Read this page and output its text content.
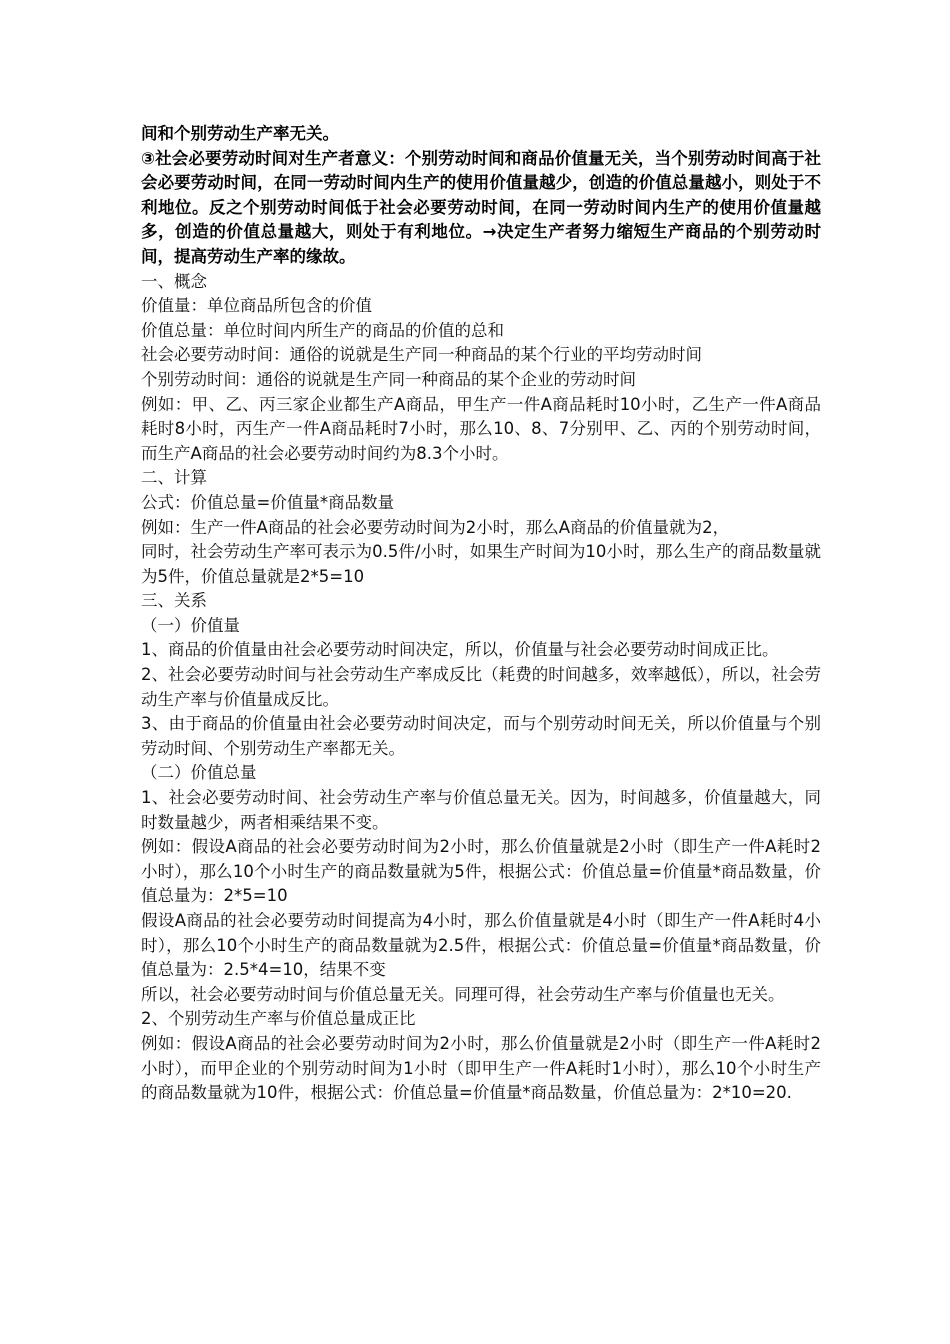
间和个别劳动生产率无关。

③社会必要劳动时间对生产者意义：个别劳动时间和商品价值量无关，当个别劳动时间高于社会必要劳动时间，在同一劳动时间内生产的使用价值量越少，创造的价值总量越小，则处于不利地位。反之个别劳动时间低于社会必要劳动时间，在同一劳动时间内生产的使用价值量越多，创造的价值总量越大，则处于有利地位。→决定生产者努力缩短生产商品的个别劳动时间，提高劳动生产率的缘故。

一、概念

价值量：单位商品所包含的价值

价值总量：单位时间内所生产的商品的价值的总和

社会必要劳动时间：通俗的说就是生产同一种商品的某个行业的平均劳动时间

个别劳动时间：通俗的说就是生产同一种商品的某个企业的劳动时间

例如：甲、乙、丙三家企业都生产A商品，甲生产一件A商品耗时10小时，乙生产一件A商品耗时8小时，丙生产一件A商品耗时7小时，那么10、8、7分别甲、乙、丙的个别劳动时间，而生产A商品的社会必要劳动时间约为8.3个小时。

二、计算

公式：价值总量=价值量*商品数量

例如：生产一件A商品的社会必要劳动时间为2小时，那么A商品的价值量就为2，

同时，社会劳动生产率可表示为0.5件/小时，如果生产时间为10小时，那么生产的商品数量就为5件，价值总量就是2*5=10

三、关系

（一）价值量

1、商品的价值量由社会必要劳动时间决定，所以，价值量与社会必要劳动时间成正比。

2、社会必要劳动时间与社会劳动生产率成反比（耗费的时间越多，效率越低），所以，社会劳动生产率与价值量成反比。

3、由于商品的价值量由社会必要劳动时间决定，而与个别劳动时间无关，所以价值量与个别劳动时间、个别劳动生产率都无关。

（二）价值总量

1、社会必要劳动时间、社会劳动生产率与价值总量无关。因为，时间越多，价值量越大，同时数量越少，两者相乘结果不变。

例如：假设A商品的社会必要劳动时间为2小时，那么价值量就是2小时（即生产一件A耗时2小时），那么10个小时生产的商品数量就为5件，根据公式：价值总量=价值量*商品数量，价值总量为：2*5=10

假设A商品的社会必要劳动时间提高为4小时，那么价值量就是4小时（即生产一件A耗时4小时），那么10个小时生产的商品数量就为2.5件，根据公式：价值总量=价值量*商品数量，价值总量为：2.5*4=10，结果不变

所以，社会必要劳动时间与价值总量无关。同理可得，社会劳动生产率与价值量也无关。

2、个别劳动生产率与价值总量成正比

例如：假设A商品的社会必要劳动时间为2小时，那么价值量就是2小时（即生产一件A耗时2小时），而甲企业的个别劳动时间为1小时（即甲生产一件A耗时1小时），那么10个小时生产的商品数量就为10件，根据公式：价值总量=价值量*商品数量，价值总量为：2*10=20.
